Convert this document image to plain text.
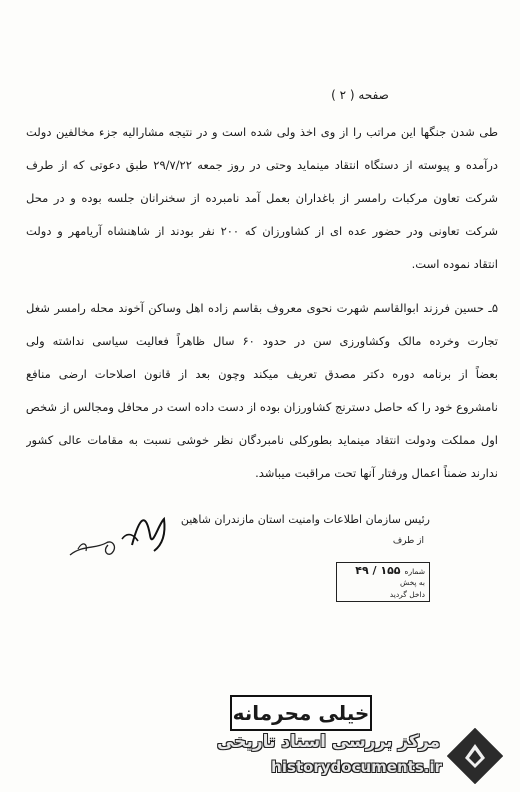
صفحه ( ۲ )
طی شدن جنگها این مراتب را از وی اخذ ولی شده است و در نتیجه مشارالیه جزء مخالفین دولت
درآمده و پیوسته از دستگاه انتقاد مینماید وحتی در روز جمعه ۲۹/۷/۲۲ طبق دعوتی که از طرف
شرکت تعاون مرکبات رامسر از باغداران بعمل آمد نامبرده از سخنرانان جلسه بوده و در محل
شرکت تعاونی ودر حضور عده ای از کشاورزان که ۲۰۰ نفر بودند از شاهنشاه آریامهر و دولت
انتقاد نموده است.
۵ـ حسین فرزند ابوالقاسم شهرت نحوی معروف بقاسم زاده اهل وساکن آخوند محله رامسر شغل
تجارت وخرده مالک وکشاورزی سن در حدود ۶۰ سال ظاهراً فعالیت سیاسی نداشته ولی
بعضاً از برنامه دوره دکتر مصدق تعریف میکند وچون بعد از قانون اصلاحات ارضی منافع
نامشروع خود را که حاصل دسترنج کشاورزان بوده از دست داده است در محافل ومجالس از شخص
اول مملکت ودولت انتقاد مینماید بطورکلی نامبردگان نظر خوشی نسبت به مقامات عالی کشور
ندارند ضمناً اعمال ورفتار آنها تحت مراقبت میباشد.
رئیس سازمان اطلاعات وامنیت استان مازندران شاهین
از طرف
شماره۱۵۵ / ۴۹
به پخش
داخل گردید
خیلی محرمانه
مرکز بررسی اسناد تاریخی
historydocuments.ir
